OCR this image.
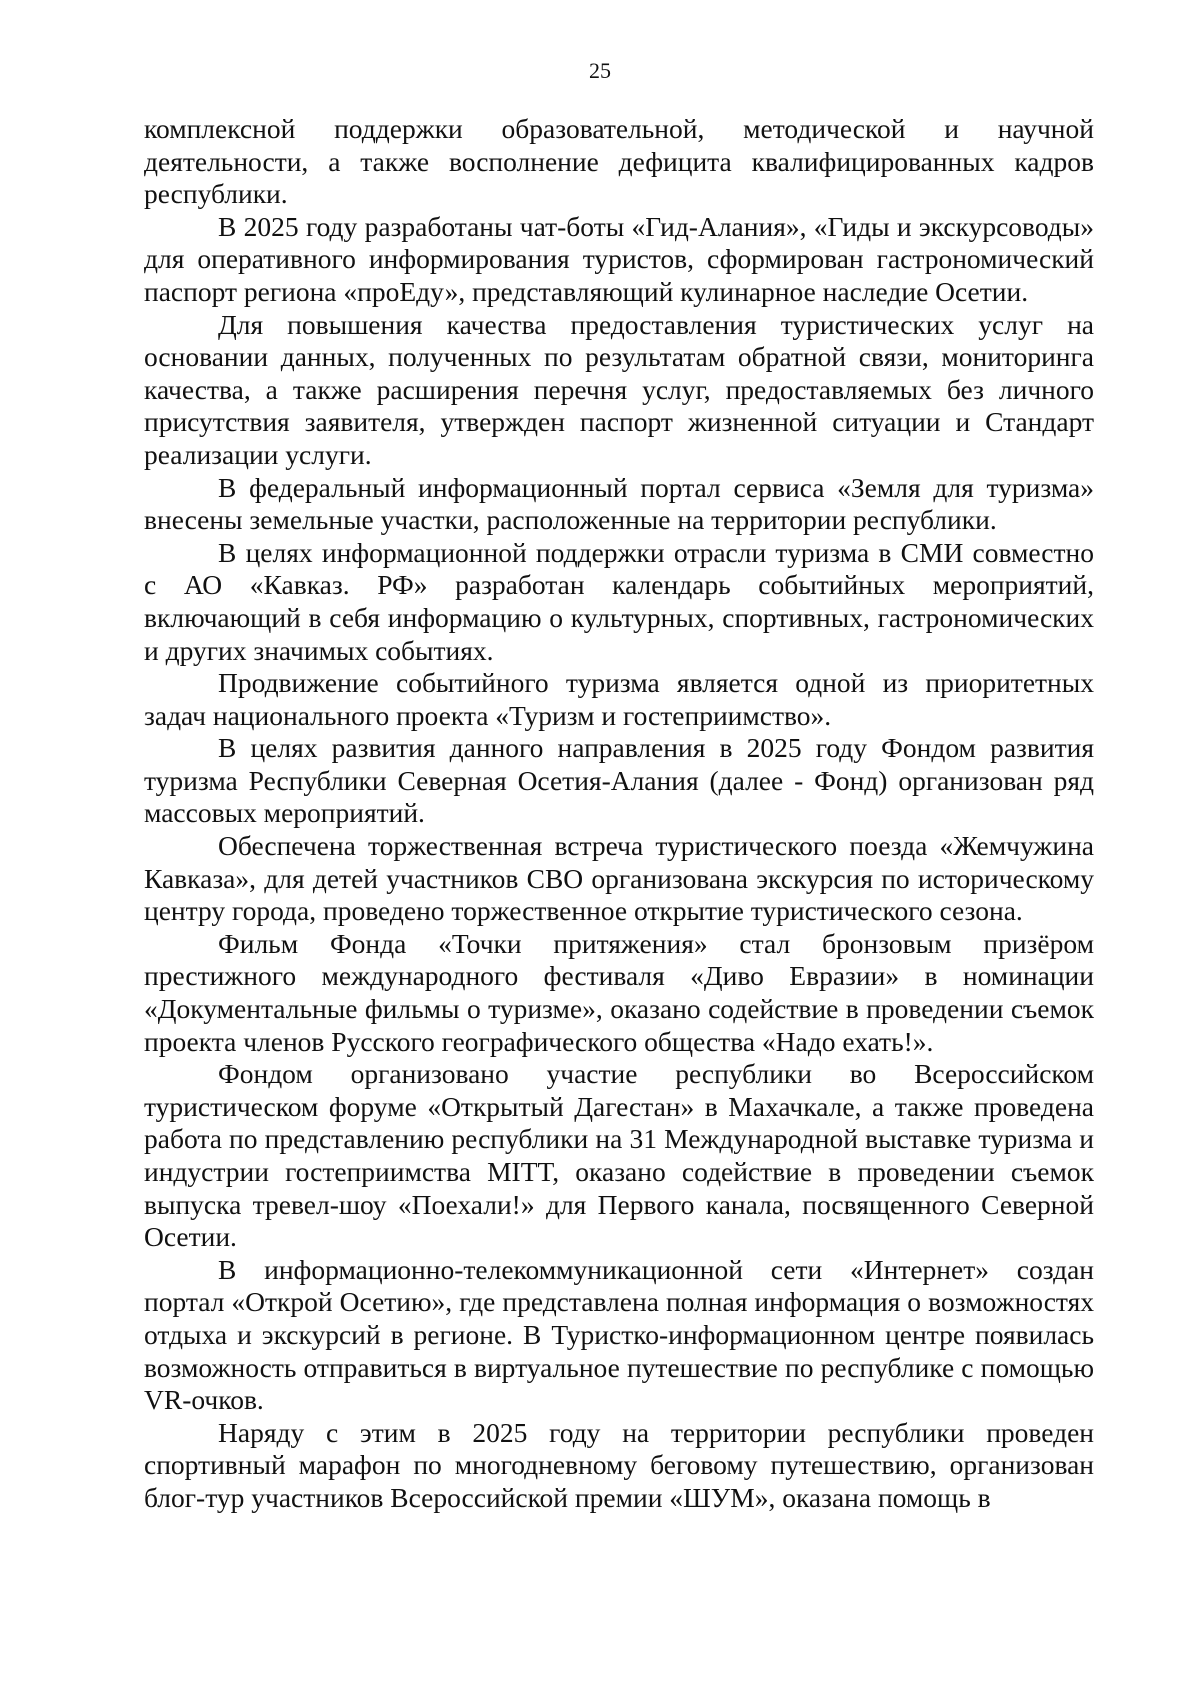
25

комплексной поддержки образовательной, методической и научной деятельности, а также восполнение дефицита квалифицированных кадров республики.

В 2025 году разработаны чат-боты «Гид-Алания», «Гиды и экскурсоводы» для оперативного информирования туристов, сформирован гастрономический паспорт региона «проЕду», представляющий кулинарное наследие Осетии.

Для повышения качества предоставления туристических услуг на основании данных, полученных по результатам обратной связи, мониторинга качества, а также расширения перечня услуг, предоставляемых без личного присутствия заявителя, утвержден паспорт жизненной ситуации и Стандарт реализации услуги.

В федеральный информационный портал сервиса «Земля для туризма» внесены земельные участки, расположенные на территории республики.

В целях информационной поддержки отрасли туризма в СМИ совместно с АО «Кавказ. РФ» разработан календарь событийных мероприятий, включающий в себя информацию о культурных, спортивных, гастрономических и других значимых событиях.

Продвижение событийного туризма является одной из приоритетных задач национального проекта «Туризм и гостеприимство».

В целях развития данного направления в 2025 году Фондом развития туризма Республики Северная Осетия-Алания (далее - Фонд) организован ряд массовых мероприятий.

Обеспечена торжественная встреча туристического поезда «Жемчужина Кавказа», для детей участников СВО организована экскурсия по историческому центру города, проведено торжественное открытие туристического сезона.

Фильм Фонда «Точки притяжения» стал бронзовым призёром престижного международного фестиваля «Диво Евразии» в номинации «Документальные фильмы о туризме», оказано содействие в проведении съемок проекта членов Русского географического общества «Надо ехать!».

Фондом организовано участие республики во Всероссийском туристическом форуме «Открытый Дагестан» в Махачкале, а также проведена работа по представлению республики на 31 Международной выставке туризма и индустрии гостеприимства MITT, оказано содействие в проведении съемок выпуска тревел-шоу «Поехали!» для Первого канала, посвященного Северной Осетии.

В информационно-телекоммуникационной сети «Интернет» создан портал «Открой Осетию», где представлена полная информация о возможностях отдыха и экскурсий в регионе. В Туристко-информационном центре появилась возможность отправиться в виртуальное путешествие по республике с помощью VR-очков.

Наряду с этим в 2025 году на территории республики проведен спортивный марафон по многодневному беговому путешествию, организован блог-тур участников Всероссийской премии «ШУМ», оказана помощь в
